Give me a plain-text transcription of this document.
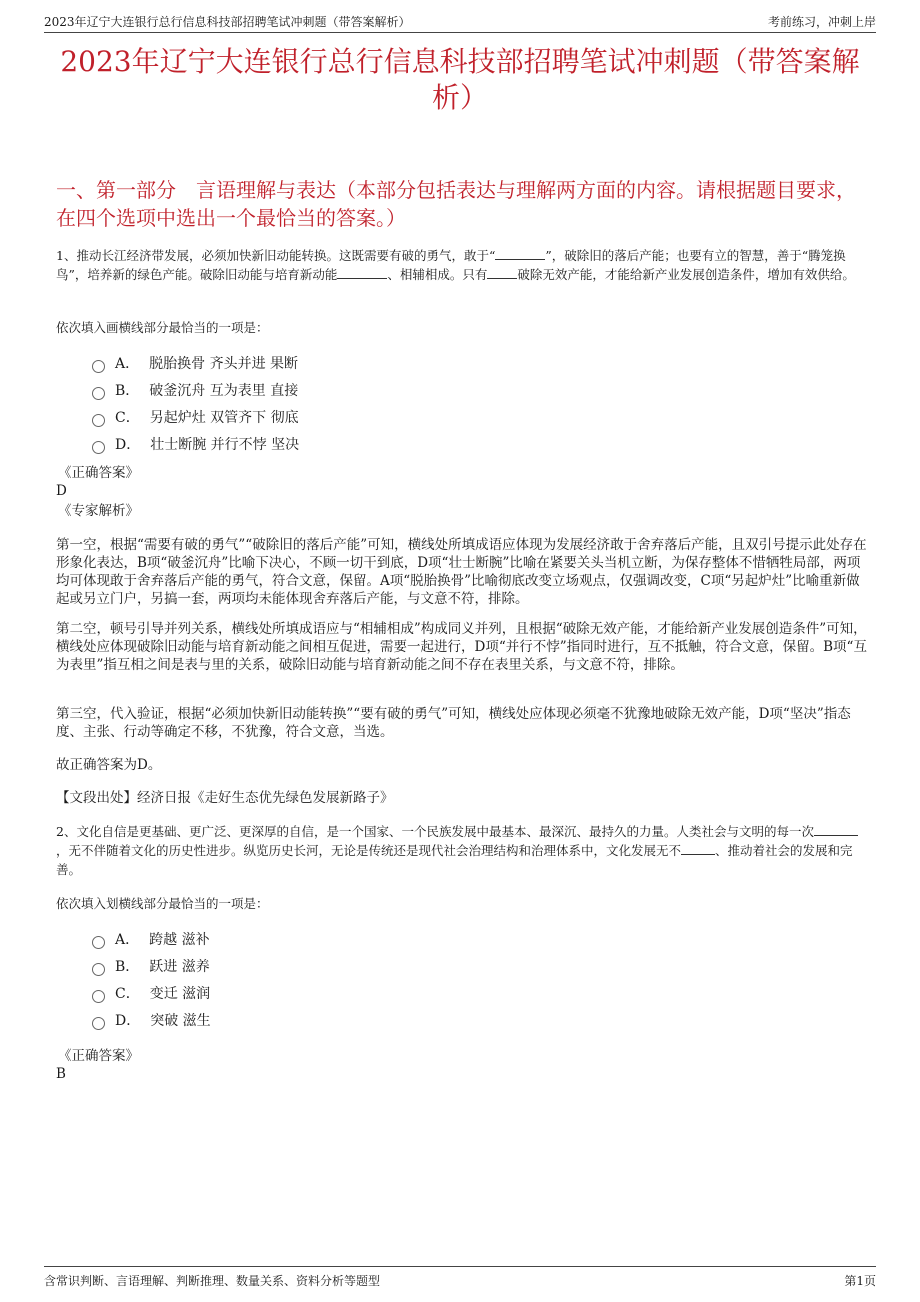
2023年辽宁大连银行总行信息科技部招聘笔试冲刺题（带答案解析）	考前练习，冲刺上岸
2023年辽宁大连银行总行信息科技部招聘笔试冲刺题（带答案解析）
一、第一部分　言语理解与表达（本部分包括表达与理解两方面的内容。请根据题目要求，在四个选项中选出一个最恰当的答案。）
1、推动长江经济带发展，必须加快新旧动能转换。这既需要有破的勇气，敢于“	”，破除旧的落后产能；也要有立的智慧，善于“腾笼换鸟”，培养新的绿色产能。破除旧动能与培育新动能	、相辅相成。只有 破除无效产能，才能给新产业发展创造条件，增加有效供给。
依次填入画横线部分最恰当的一项是：
A． 脱胎换骨 齐头并进 果断
B． 破釜沉舟 互为表里 直接
C． 另起炉灶 双管齐下 彻底
D． 壮士断腕 并行不悖 坚决
《正确答案》
D
《专家解析》
第一空，根据“需要有破的勇气”“破除旧的落后产能”可知，横线处所填成语应体现为发展经济敢于舍弃落后产能，且双引号提示此处存在形象化表达，B项“破釜沉舟”比喻下决心，不顾一切干到底，D项“壮士断腕”比喻在紧要关头当机立断，为保存整体不惜牺牲局部，两项均可体现敢于舍弃落后产能的勇气，符合文意，保留。A项“脱胎换骨”比喻彻底改变立场观点，仅强调改变，C项“另起炉灶”比喻重新做起或另立门户，另搞一套，两项均未能体现舍弃落后产能，与文意不符，排除。
第二空，顿号引导并列关系，横线处所填成语应与“相辅相成”构成同义并列，且根据“破除无效产能，才能给新产业发展创造条件”可知，横线处应体现破除旧动能与培育新动能之间相互促进，需要一起进行，D项“并行不悖”指同时进行，互不抵触，符合文意，保留。B项“互为表里”指互相之间是表与里的关系，破除旧动能与培育新动能之间不存在表里关系，与文意不符，排除。
第三空，代入验证，根据“必须加快新旧动能转换”“要有破的勇气”可知，横线处应体现必须毫不犹豫地破除无效产能，D项“坚决”指态度、主张、行动等确定不移，不犹豫，符合文意，当选。
故正确答案为D。
【文段出处】经济日报《走好生态优先绿色发展新路子》
2、文化自信是更基础、更广泛、更深厚的自信，是一个国家、一个民族发展中最基本、最深沉、最持久的力量。人类社会与文明的每一次，无不伴随着文化的历史性进步。纵览历史长河，无论是传统还是现代社会治理结构和治理体系中，文化发展无不	、推动着社会的发展和完善。
依次填入划横线部分最恰当的一项是：
A． 跨越 滋补
B． 跃进 滋养
C． 变迁 滋润
D． 突破 滋生
《正确答案》
B
含常识判断、言语理解、判断推理、数量关系、资料分析等题型	第1页
